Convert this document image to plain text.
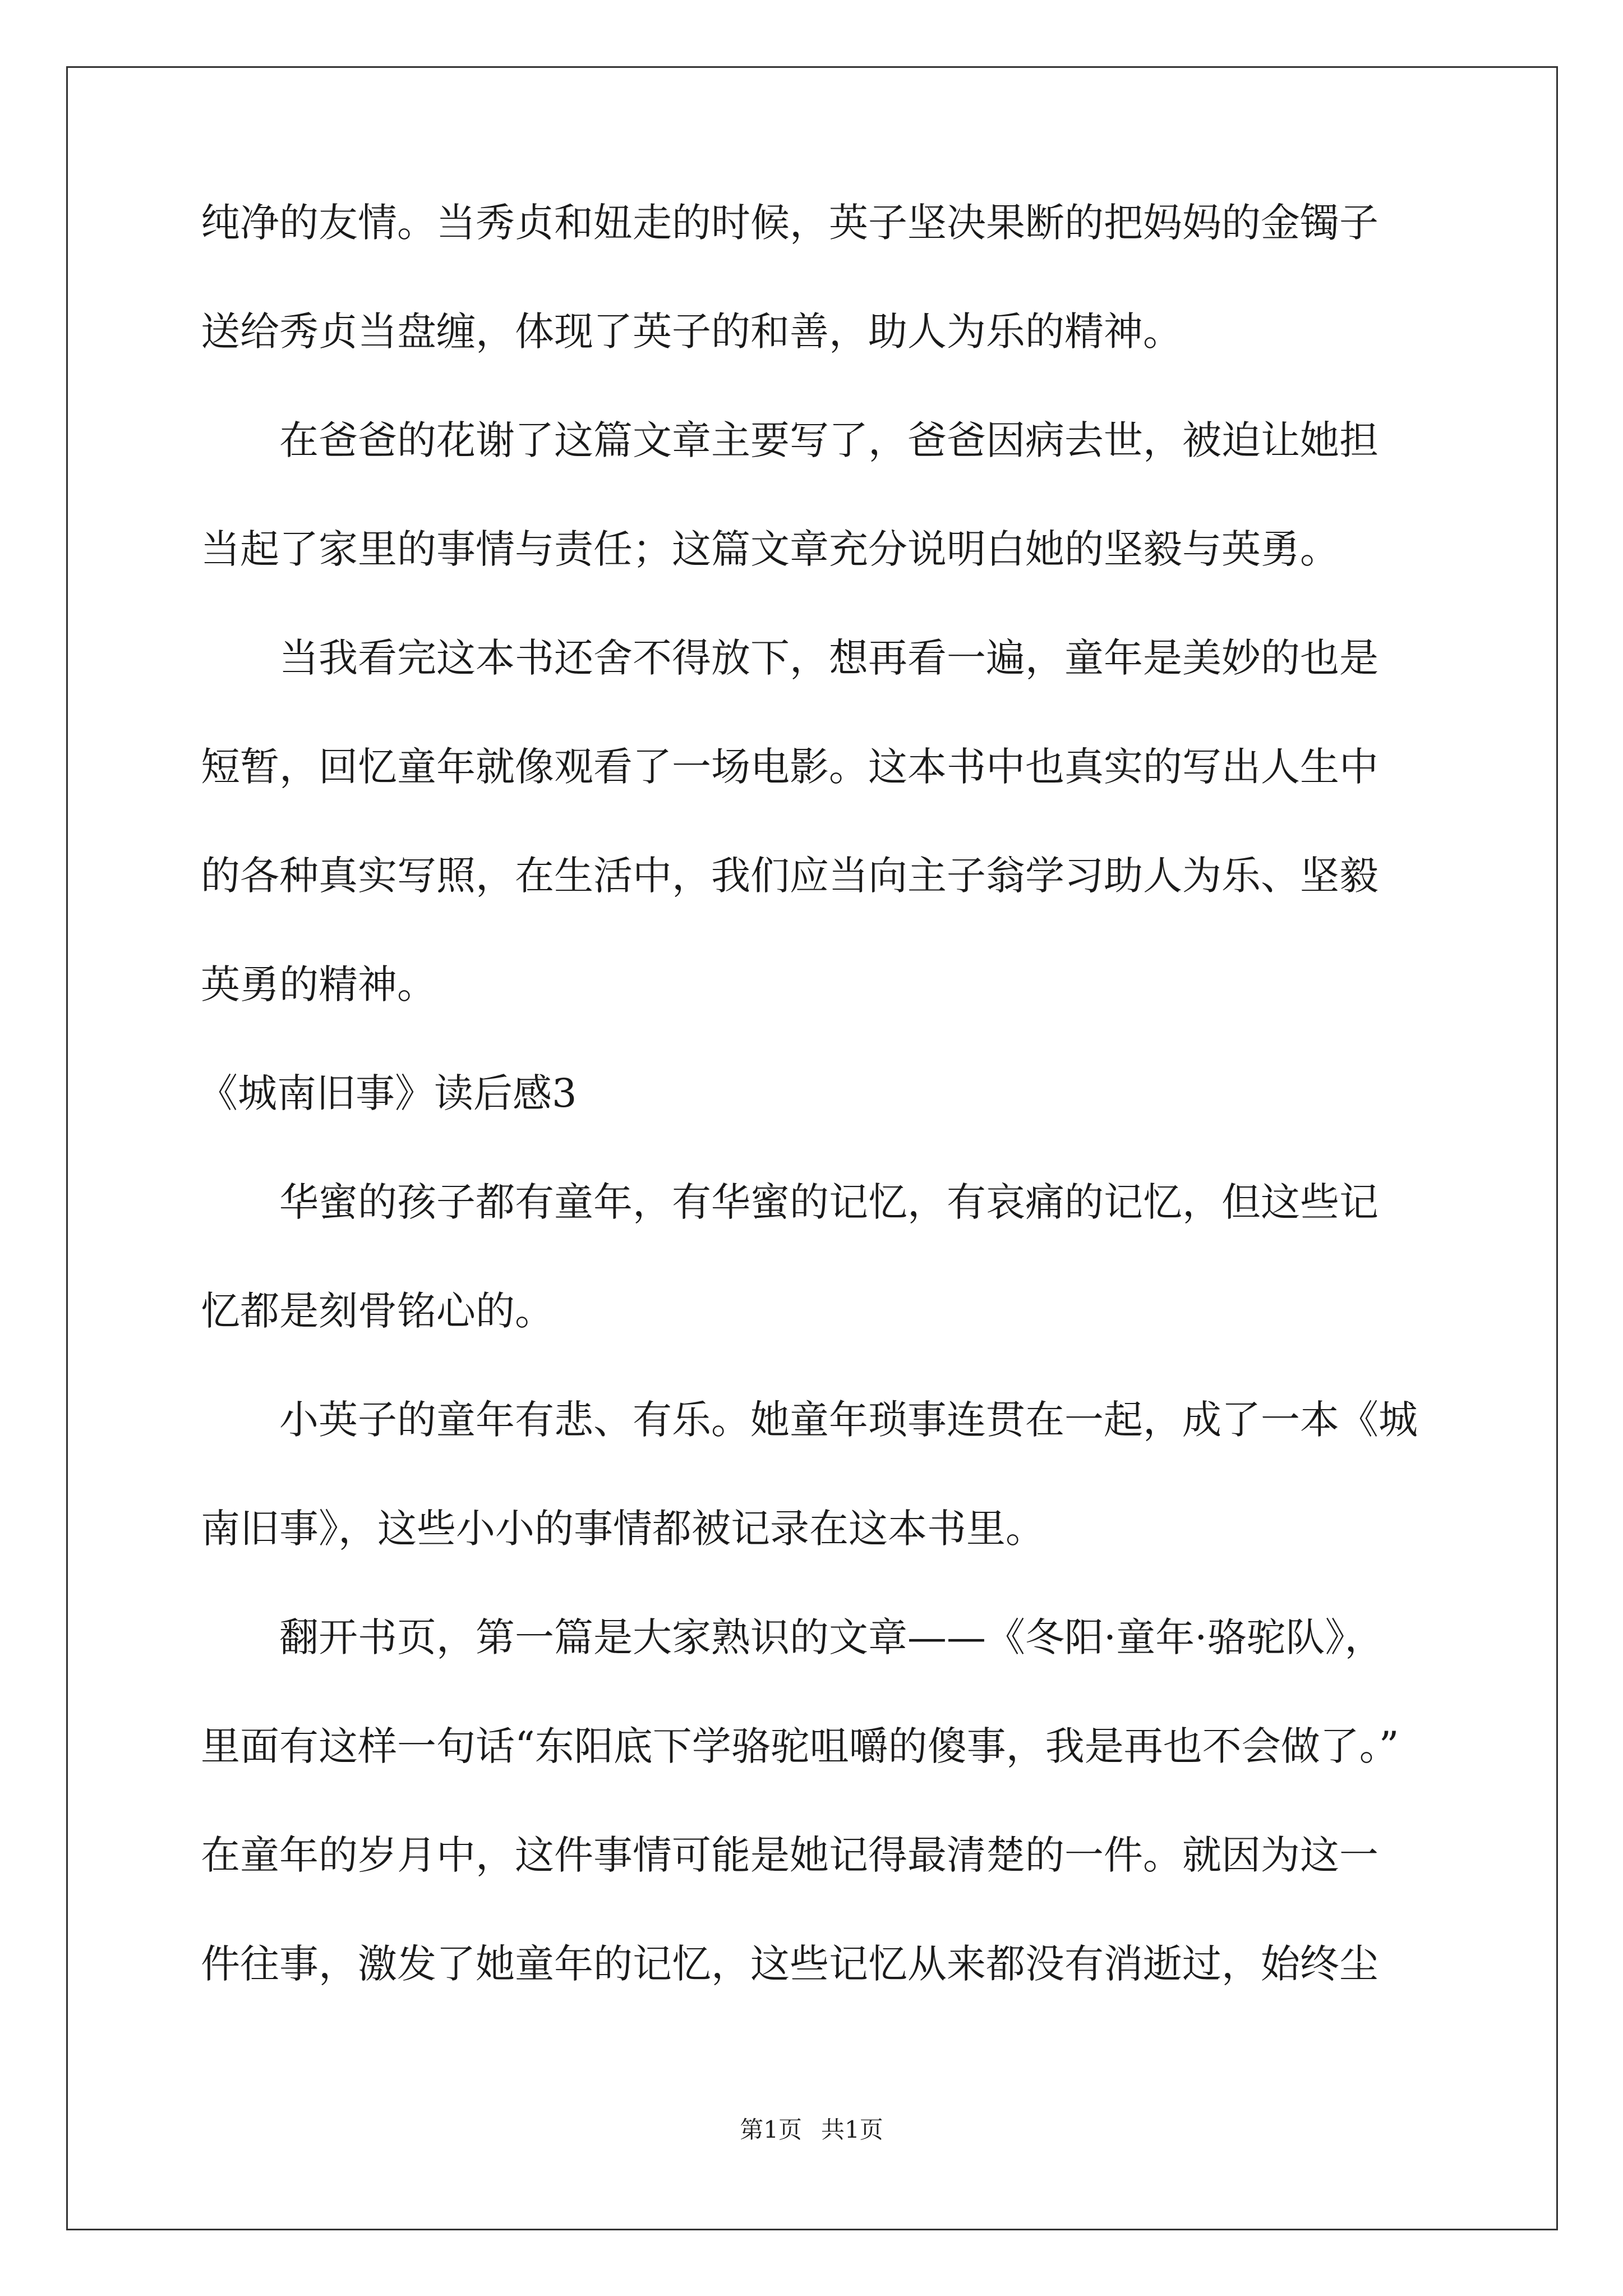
纯净的友情。当秀贞和妞走的时候，英子坚决果断的把妈妈的金镯子
送给秀贞当盘缠，体现了英子的和善，助人为乐的精神。
　　在爸爸的花谢了这篇文章主要写了，爸爸因病去世，被迫让她担
当起了家里的事情与责任；这篇文章充分说明白她的坚毅与英勇。
　　当我看完这本书还舍不得放下，想再看一遍，童年是美妙的也是
短暂，回忆童年就像观看了一场电影。这本书中也真实的写出人生中
的各种真实写照，在生活中，我们应当向主子翁学习助人为乐、坚毅
英勇的精神。
《城南旧事》读后感3
　　华蜜的孩子都有童年，有华蜜的记忆，有哀痛的记忆，但这些记
忆都是刻骨铭心的。
　　小英子的童年有悲、有乐。她童年琐事连贯在一起，成了一本《城
南旧事》，这些小小的事情都被记录在这本书里。
　　翻开书页，第一篇是大家熟识的文章——《冬阳·童年·骆驼队》，
里面有这样一句话“东阳底下学骆驼咀嚼的傻事，我是再也不会做了。”
在童年的岁月中，这件事情可能是她记得最清楚的一件。就因为这一
件往事，激发了她童年的记忆，这些记忆从来都没有消逝过，始终尘
第1页 共1页
